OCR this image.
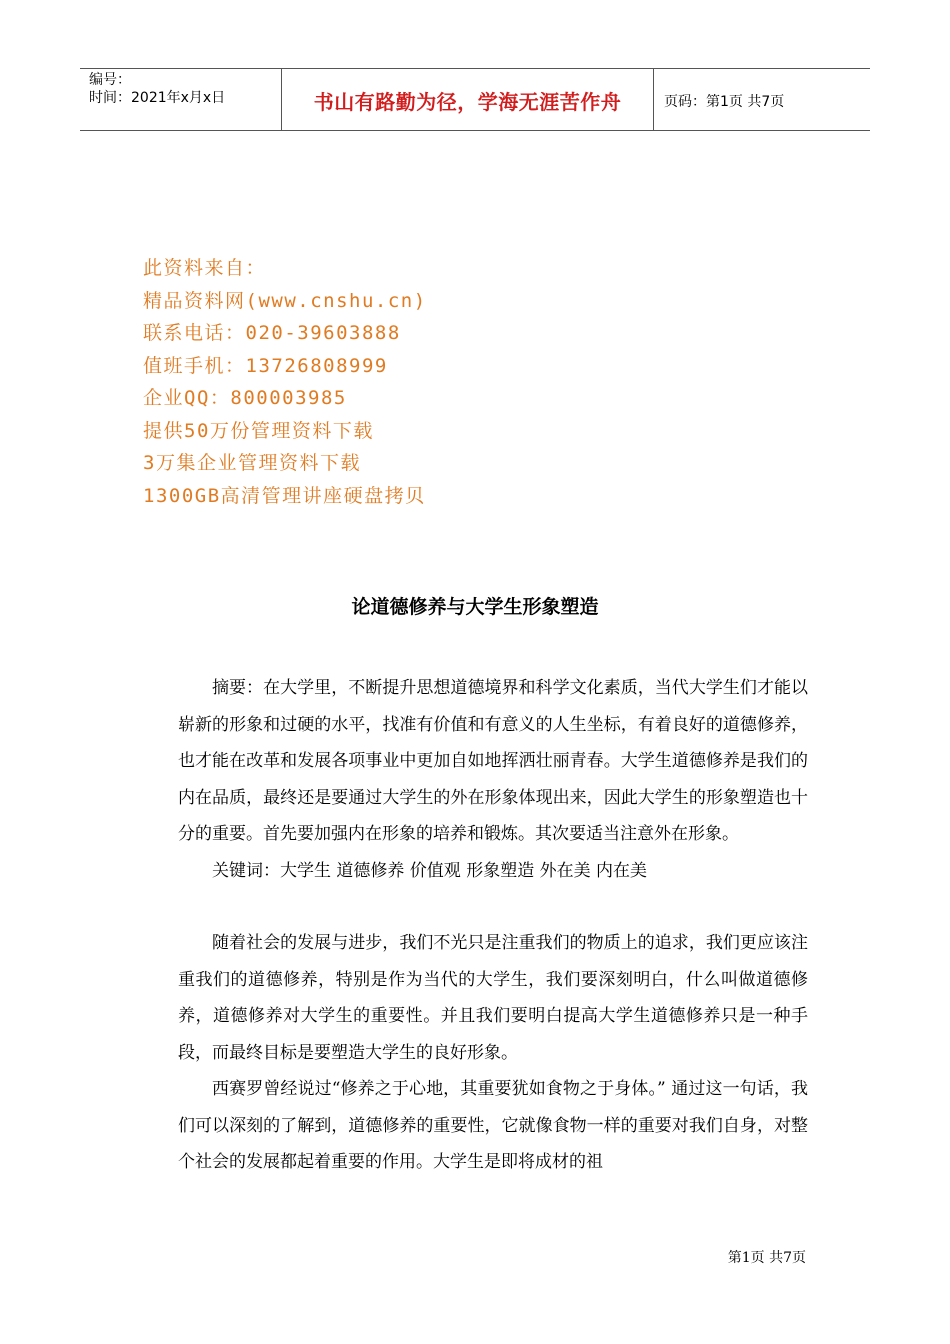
编号：
时间：2021年x月x日	书山有路勤为径，学海无涯苦作舟	页码：第1页 共7页
此资料来自：
精品资料网(www.cnshu.cn)
联系电话：020-39603888
值班手机：13726808999
企业QQ：800003985
提供50万份管理资料下载
3万集企业管理资料下载
1300GB高清管理讲座硬盘拷贝
论道德修养与大学生形象塑造

摘要：在大学里，不断提升思想道德境界和科学文化素质，当代大学生们才能以崭新的形象和过硬的水平，找准有价值和有意义的人生坐标，有着良好的道德修养，也才能在改革和发展各项事业中更加自如地挥洒壮丽青春。大学生道德修养是我们的内在品质，最终还是要通过大学生的外在形象体现出来，因此大学生的形象塑造也十分的重要。首先要加强内在形象的培养和锻炼。其次要适当注意外在形象。

关键词：大学生 道德修养 价值观 形象塑造 外在美 内在美

随着社会的发展与进步，我们不光只是注重我们的物质上的追求，我们更应该注重我们的道德修养，特别是作为当代的大学生，我们要深刻明白，什么叫做道德修养，道德修养对大学生的重要性。并且我们要明白提高大学生道德修养只是一种手段，而最终目标是要塑造大学生的良好形象。

西赛罗曾经说过“修养之于心地，其重要犹如食物之于身体。” 通过这一句话，我们可以深刻的了解到，道德修养的重要性，它就像食物一样的重要对我们自身，对整个社会的发展都起着重要的作用。大学生是即将成材的祖

第1页 共7页
